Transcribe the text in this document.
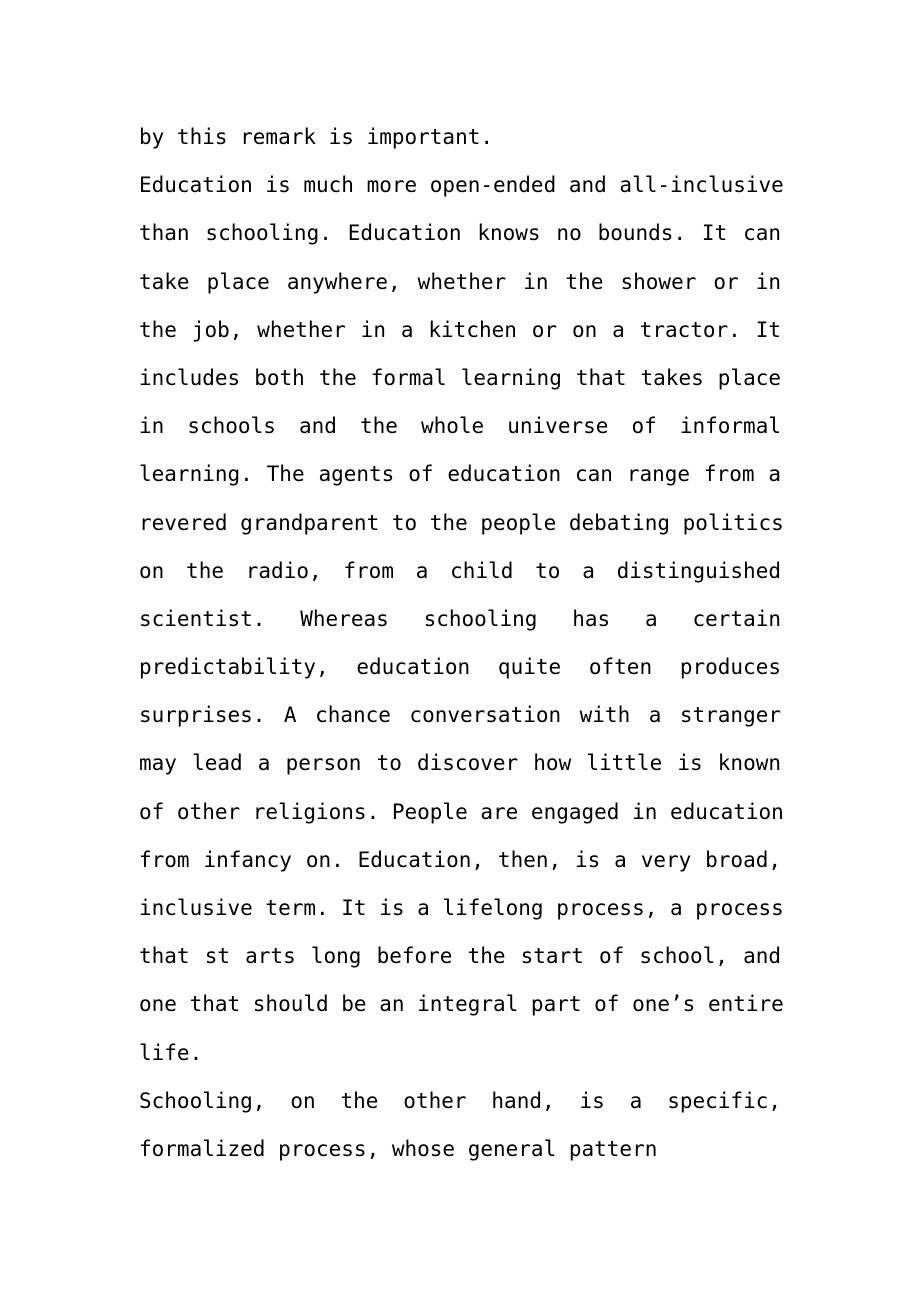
by this remark is important.
Education is much more open-ended and all-inclusive
than schooling. Education knows no bounds. It can
take place anywhere, whether in the shower or in
the job, whether in a kitchen or on a tractor. It
includes both the formal learning that takes place
in schools and the whole universe of informal
learning. The agents of education can range from a
revered grandparent to the people debating politics
on the radio, from a child to a distinguished
scientist. Whereas schooling has a certain
predictability, education quite often produces
surprises. A chance conversation with a stranger
may lead a person to discover how little is known
of other religions. People are engaged in education
from infancy on. Education, then, is a very broad,
inclusive term. It is a lifelong process, a process
that st arts long before the start of school, and
one that should be an integral part of one’s entire
life.
Schooling, on the other hand, is a specific,
formalized process, whose general pattern
